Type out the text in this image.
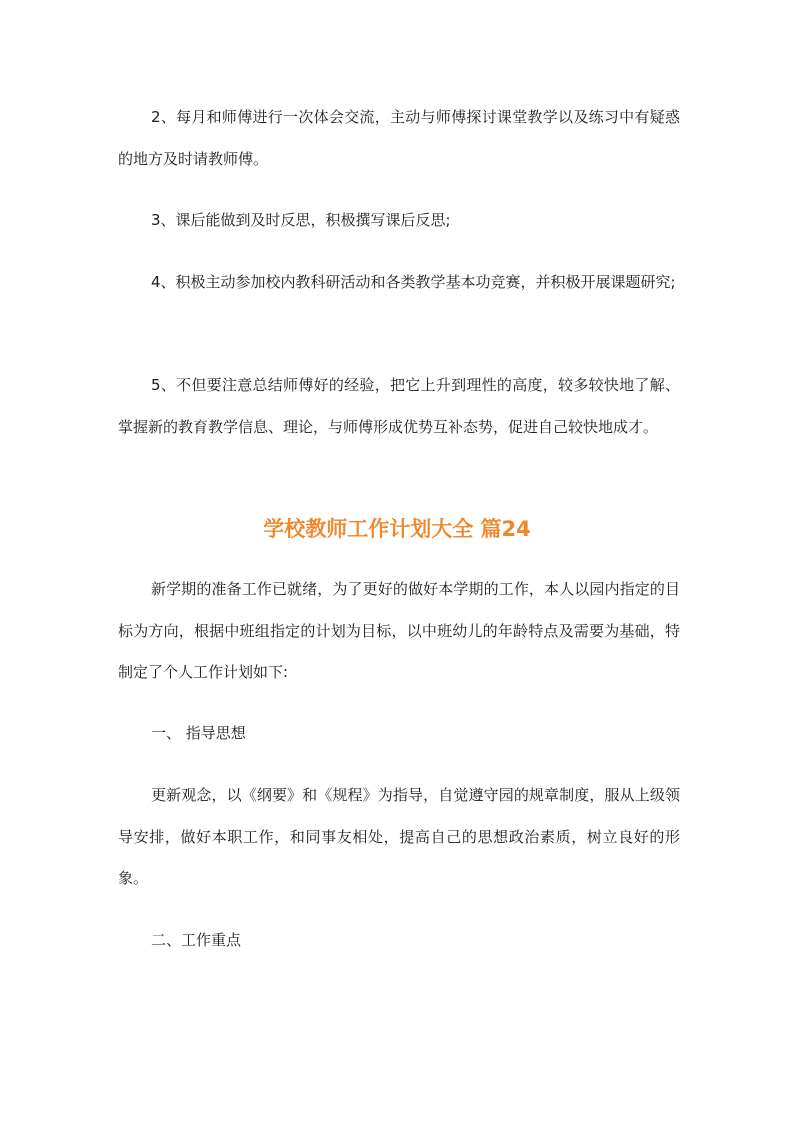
2、每月和师傅进行一次体会交流，主动与师傅探讨课堂教学以及练习中有疑惑的地方及时请教师傅。

3、课后能做到及时反思，积极撰写课后反思;

4、积极主动参加校内教科研活动和各类教学基本功竞赛，并积极开展课题研究;

5、不但要注意总结师傅好的经验，把它上升到理性的高度，较多较快地了解、掌握新的教育教学信息、理论，与师傅形成优势互补态势，促进自己较快地成才。

学校教师工作计划大全 篇24

新学期的准备工作已就绪，为了更好的做好本学期的工作，本人以园内指定的目标为方向，根据中班组指定的计划为目标，以中班幼儿的年龄特点及需要为基础，特制定了个人工作计划如下:

一、 指导思想

更新观念，以《纲要》和《规程》为指导，自觉遵守园的规章制度，服从上级领导安排，做好本职工作，和同事友相处，提高自己的思想政治素质，树立良好的形象。

二、工作重点
